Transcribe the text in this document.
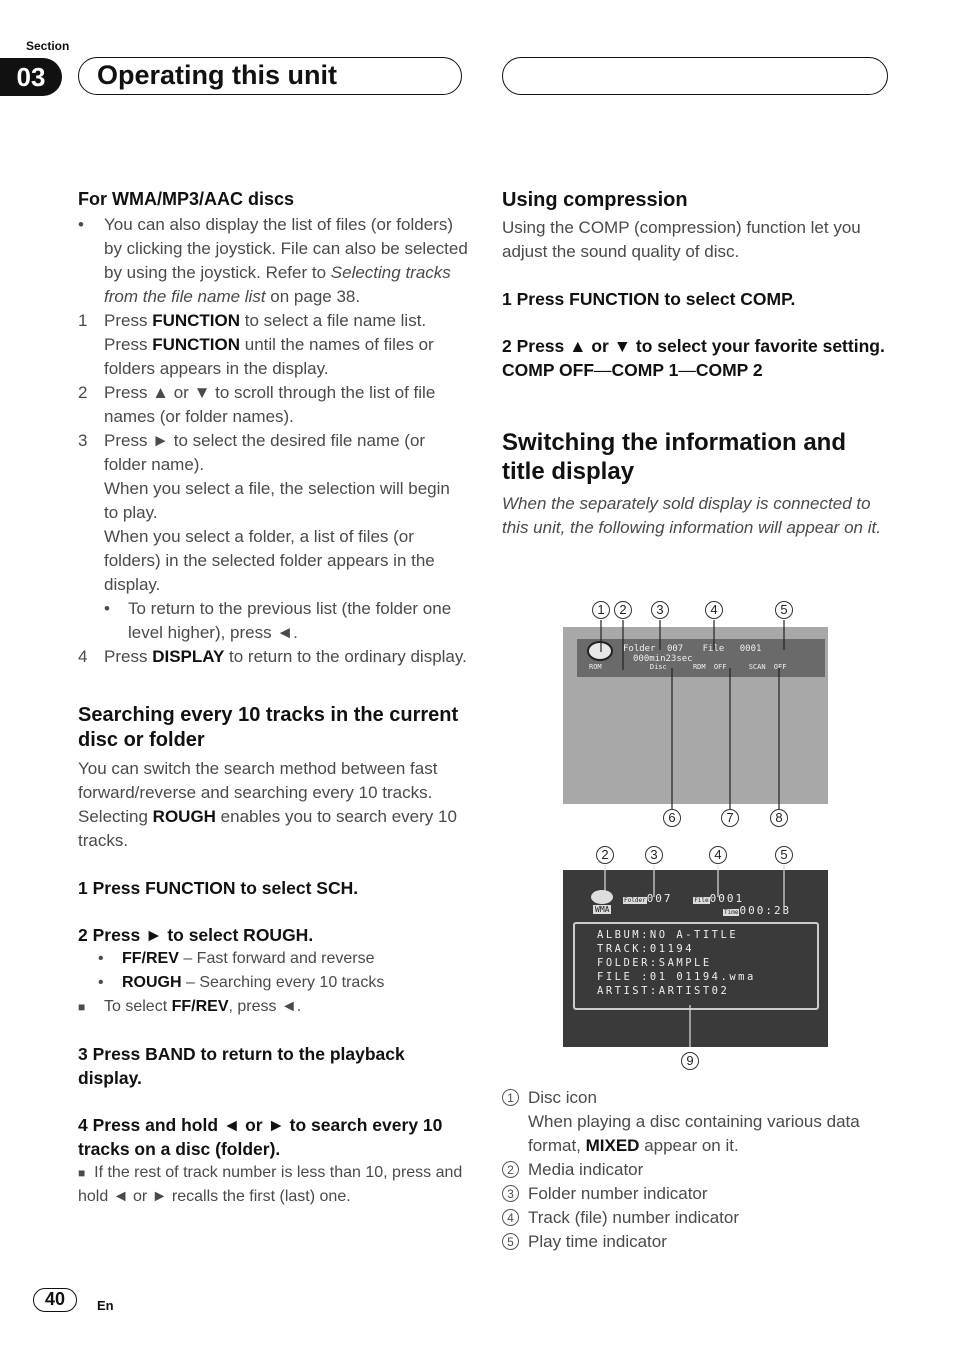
Section
03	Operating this unit

For WMA/MP3/AAC discs

• You can also display the list of files (or folders) by clicking the joystick. File can also be selected by using the joystick. Refer to Selecting tracks from the file name list on page 38.
1 Press FUNCTION to select a file name list. Press FUNCTION until the names of files or folders appears in the display.
2 Press ▲ or ▼ to scroll through the list of file names (or folder names).
3 Press ► to select the desired file name (or folder name).

When you select a file, the selection will begin to play.

When you select a folder, a list of files (or folders) in the selected folder appears in the display.

• To return to the previous list (the folder one level higher), press ◄.
4 Press DISPLAY to return to the ordinary display.

Searching every 10 tracks in the current disc or folder

You can switch the search method between fast forward/reverse and searching every 10 tracks. Selecting ROUGH enables you to search every 10 tracks.

1 Press FUNCTION to select SCH.

2 Press ► to select ROUGH.

• FF/REV – Fast forward and reverse
• ROUGH – Searching every 10 tracks
■ To select FF/REV, press ◄.

3 Press BAND to return to the playback display.

4 Press and hold ◄ or ► to search every 10 tracks on a disc (folder).

■ If the rest of track number is less than 10, press and hold ◄ or ► recalls the first (last) one.

Using compression

Using the COMP (compression) function let you adjust the sound quality of disc.

1 Press FUNCTION to select COMP.

2 Press ▲ or ▼ to select your favorite setting.

COMP OFF—COMP 1—COMP 2

Switching the information and title display

When the separately sold display is connected to this unit, the following information will appear on it.

1	2	3	4	5
Folder 007 File 0001 000min23sec
ROM	Disc	RDM OFF	SCAN OFF
6	7	8
2	3	4	5
WMA
Folder007	File0001
Time000:23
ALBUM:NO A-TITLE
TRACK:01194
FOLDER:SAMPLE
FILE :01 01194.wma
ARTIST:ARTIST02
9
1 Disc icon
When playing a disc containing various data format, MIXED appear on it.
2 Media indicator
3 Folder number indicator
4 Track (file) number indicator
5 Play time indicator
40	En
